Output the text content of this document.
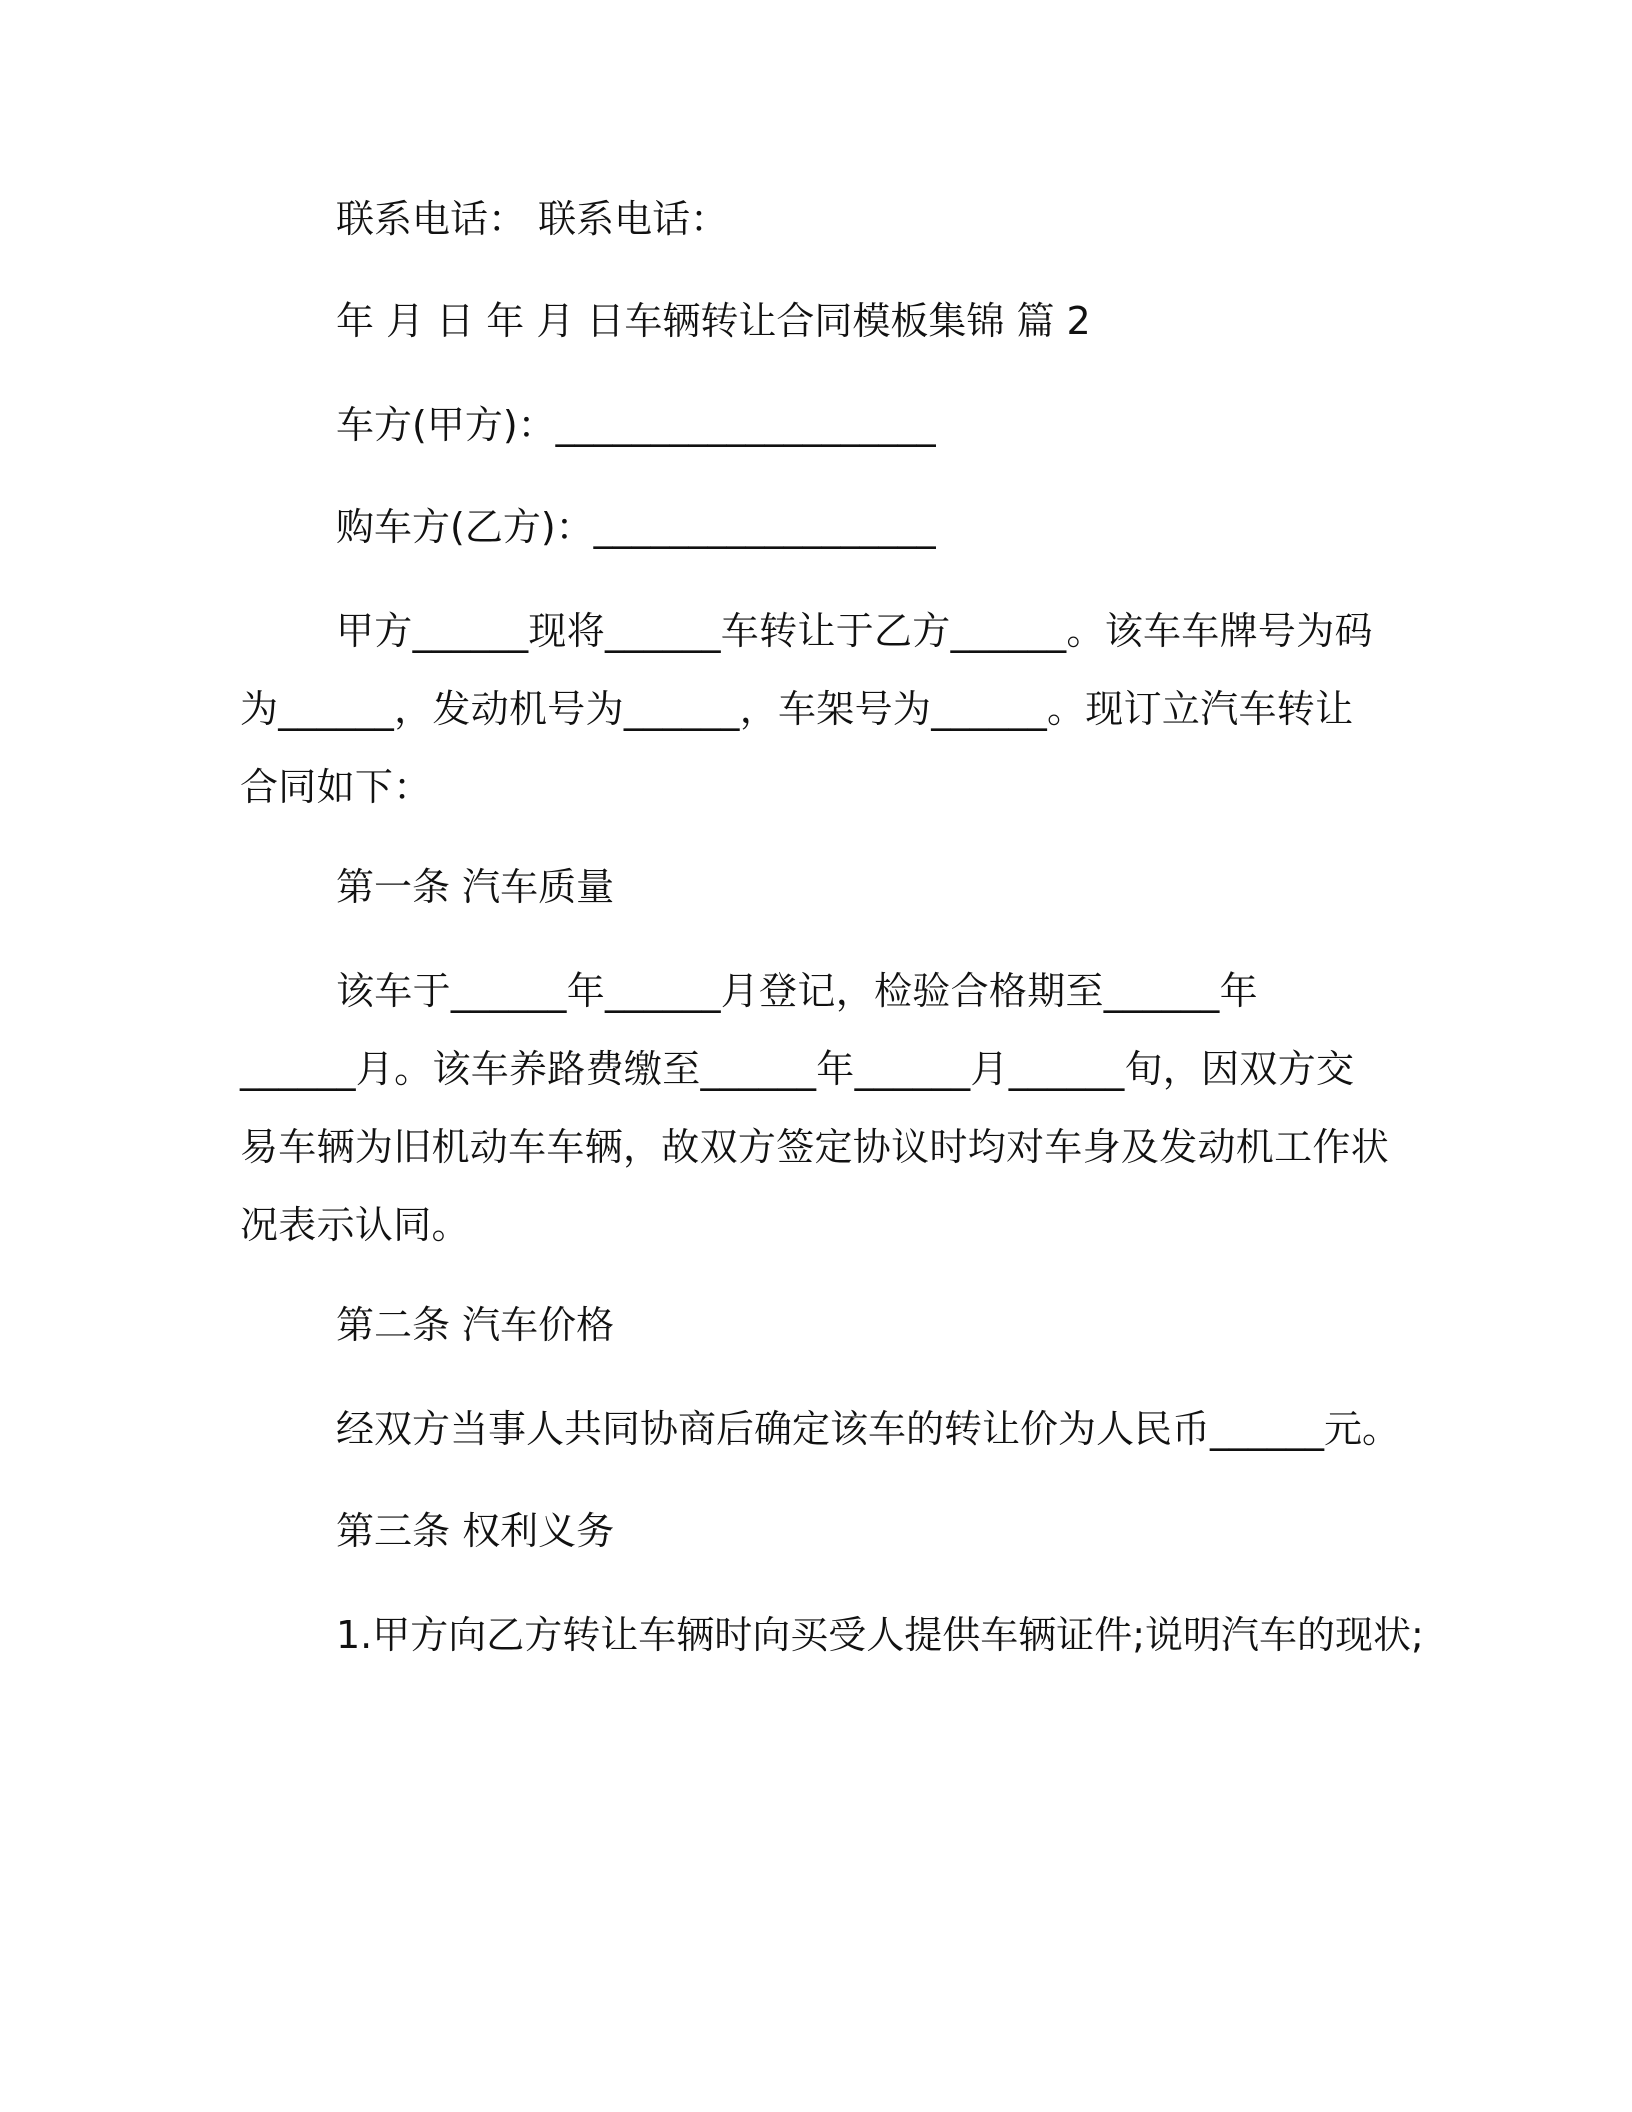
联系电话： 联系电话：
年 月 日 年 月 日车辆转让合同模板集锦 篇 2
车方(甲方)：____________________
购车方(乙方)：__________________
甲方______现将______车转让于乙方______。该车车牌号为码
为______，发动机号为______，车架号为______。现订立汽车转让
合同如下：
第一条 汽车质量
该车于______年______月登记，检验合格期至______年
______月。该车养路费缴至______年______月______旬，因双方交
易车辆为旧机动车车辆，故双方签定协议时均对车身及发动机工作状
况表示认同。
第二条 汽车价格
经双方当事人共同协商后确定该车的转让价为人民币______元。
第三条 权利义务
1.甲方向乙方转让车辆时向买受人提供车辆证件;说明汽车的现状;
